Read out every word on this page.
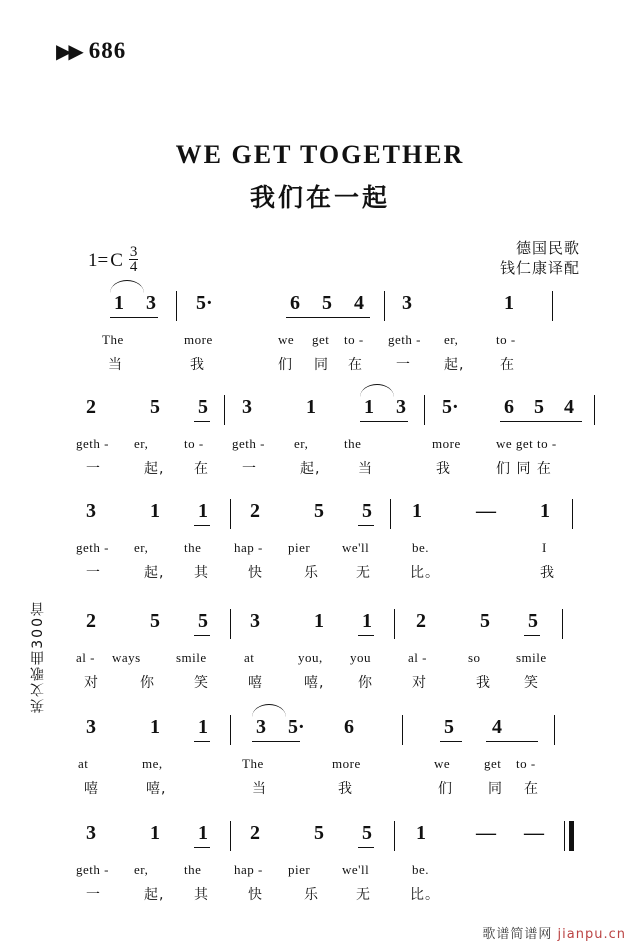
▶▶ 686
WE GET TOGETHER
我们在一起
1= C $\frac{3}{4}$	德国民歌
钱仁康译配
英文歌曲300首
1 3 5·	6 5 4 3	1
The	more	we get to - geth - er,	to -
当	我	们 同 在 一 起,	在
2	5 5 3	1 1 3 5· 6 5 4
geth - er,	to - geth - er,	the	more	we get to -
一	起, 在 一	起,	当	我	们 同 在
3	1 1 2	5 5 1	— 1
geth - er,	the	hap - pier we'll	be.	I
一	起, 其	快	乐	无	比。	我
2	5 5 3	1 1 2	5 5
al - ways	smile	at	you, you	al -	so	smile
对	你	笑	嘻	嘻, 你	对	我 笑
3	1 1 3 5· 6	5 4
at	me,	The	more	we	get to -
嘻	嘻,	当	我	们	同 在
3	1 1 2	5 5 1	— —
geth - er,	the	hap - pier we'll	be.
一	起, 其	快	乐	无	比。
歌谱简谱网 jianpu.cn
